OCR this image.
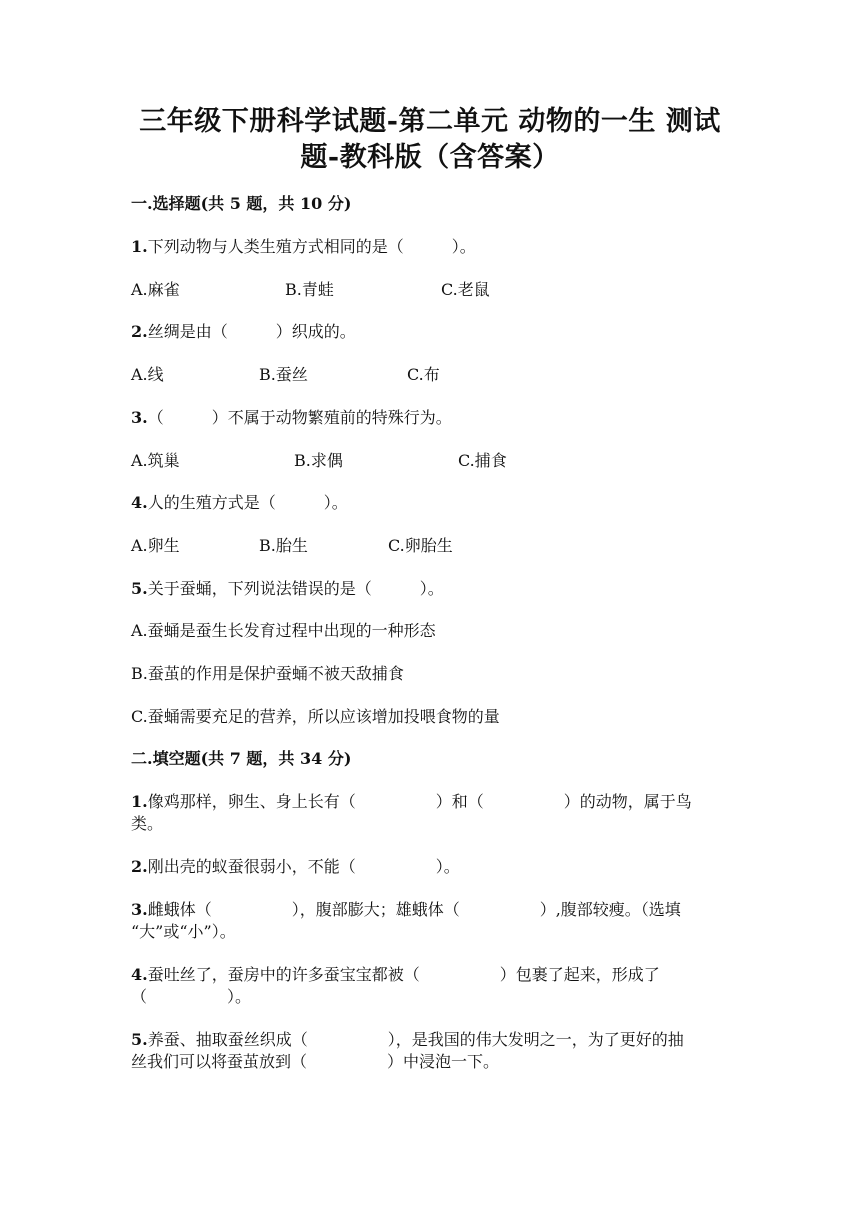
三年级下册科学试题-第二单元 动物的一生 测试
题-教科版（含答案）
一.选择题(共 5 题，共 10 分)
1.下列动物与人类生殖方式相同的是（　　　）。
A.麻雀	B.青蛙	C.老鼠
2.丝绸是由（　　　）织成的。
A.线	B.蚕丝	C.布
3.（　　　）不属于动物繁殖前的特殊行为。
A.筑巢	B.求偶	C.捕食
4.人的生殖方式是（　　　）。
A.卵生	B.胎生	C.卵胎生
5.关于蚕蛹，下列说法错误的是（　　　）。
A.蚕蛹是蚕生长发育过程中出现的一种形态
B.蚕茧的作用是保护蚕蛹不被天敌捕食
C.蚕蛹需要充足的营养，所以应该增加投喂食物的量
二.填空题(共 7 题，共 34 分)
1.像鸡那样，卵生、身上长有（　　　　　）和（　　　　　）的动物，属于鸟
类。
2.刚出壳的蚁蚕很弱小，不能（　　　　　）。
3.雌蛾体（　　　　　），腹部膨大；雄蛾体（　　　　　）,腹部较瘦。（选填
“大”或“小”）。
4.蚕吐丝了，蚕房中的许多蚕宝宝都被（　　　　　）包裹了起来，形成了
（　　　　　）。
5.养蚕、抽取蚕丝织成（　　　　　），是我国的伟大发明之一，为了更好的抽
丝我们可以将蚕茧放到（　　　　　）中浸泡一下。
